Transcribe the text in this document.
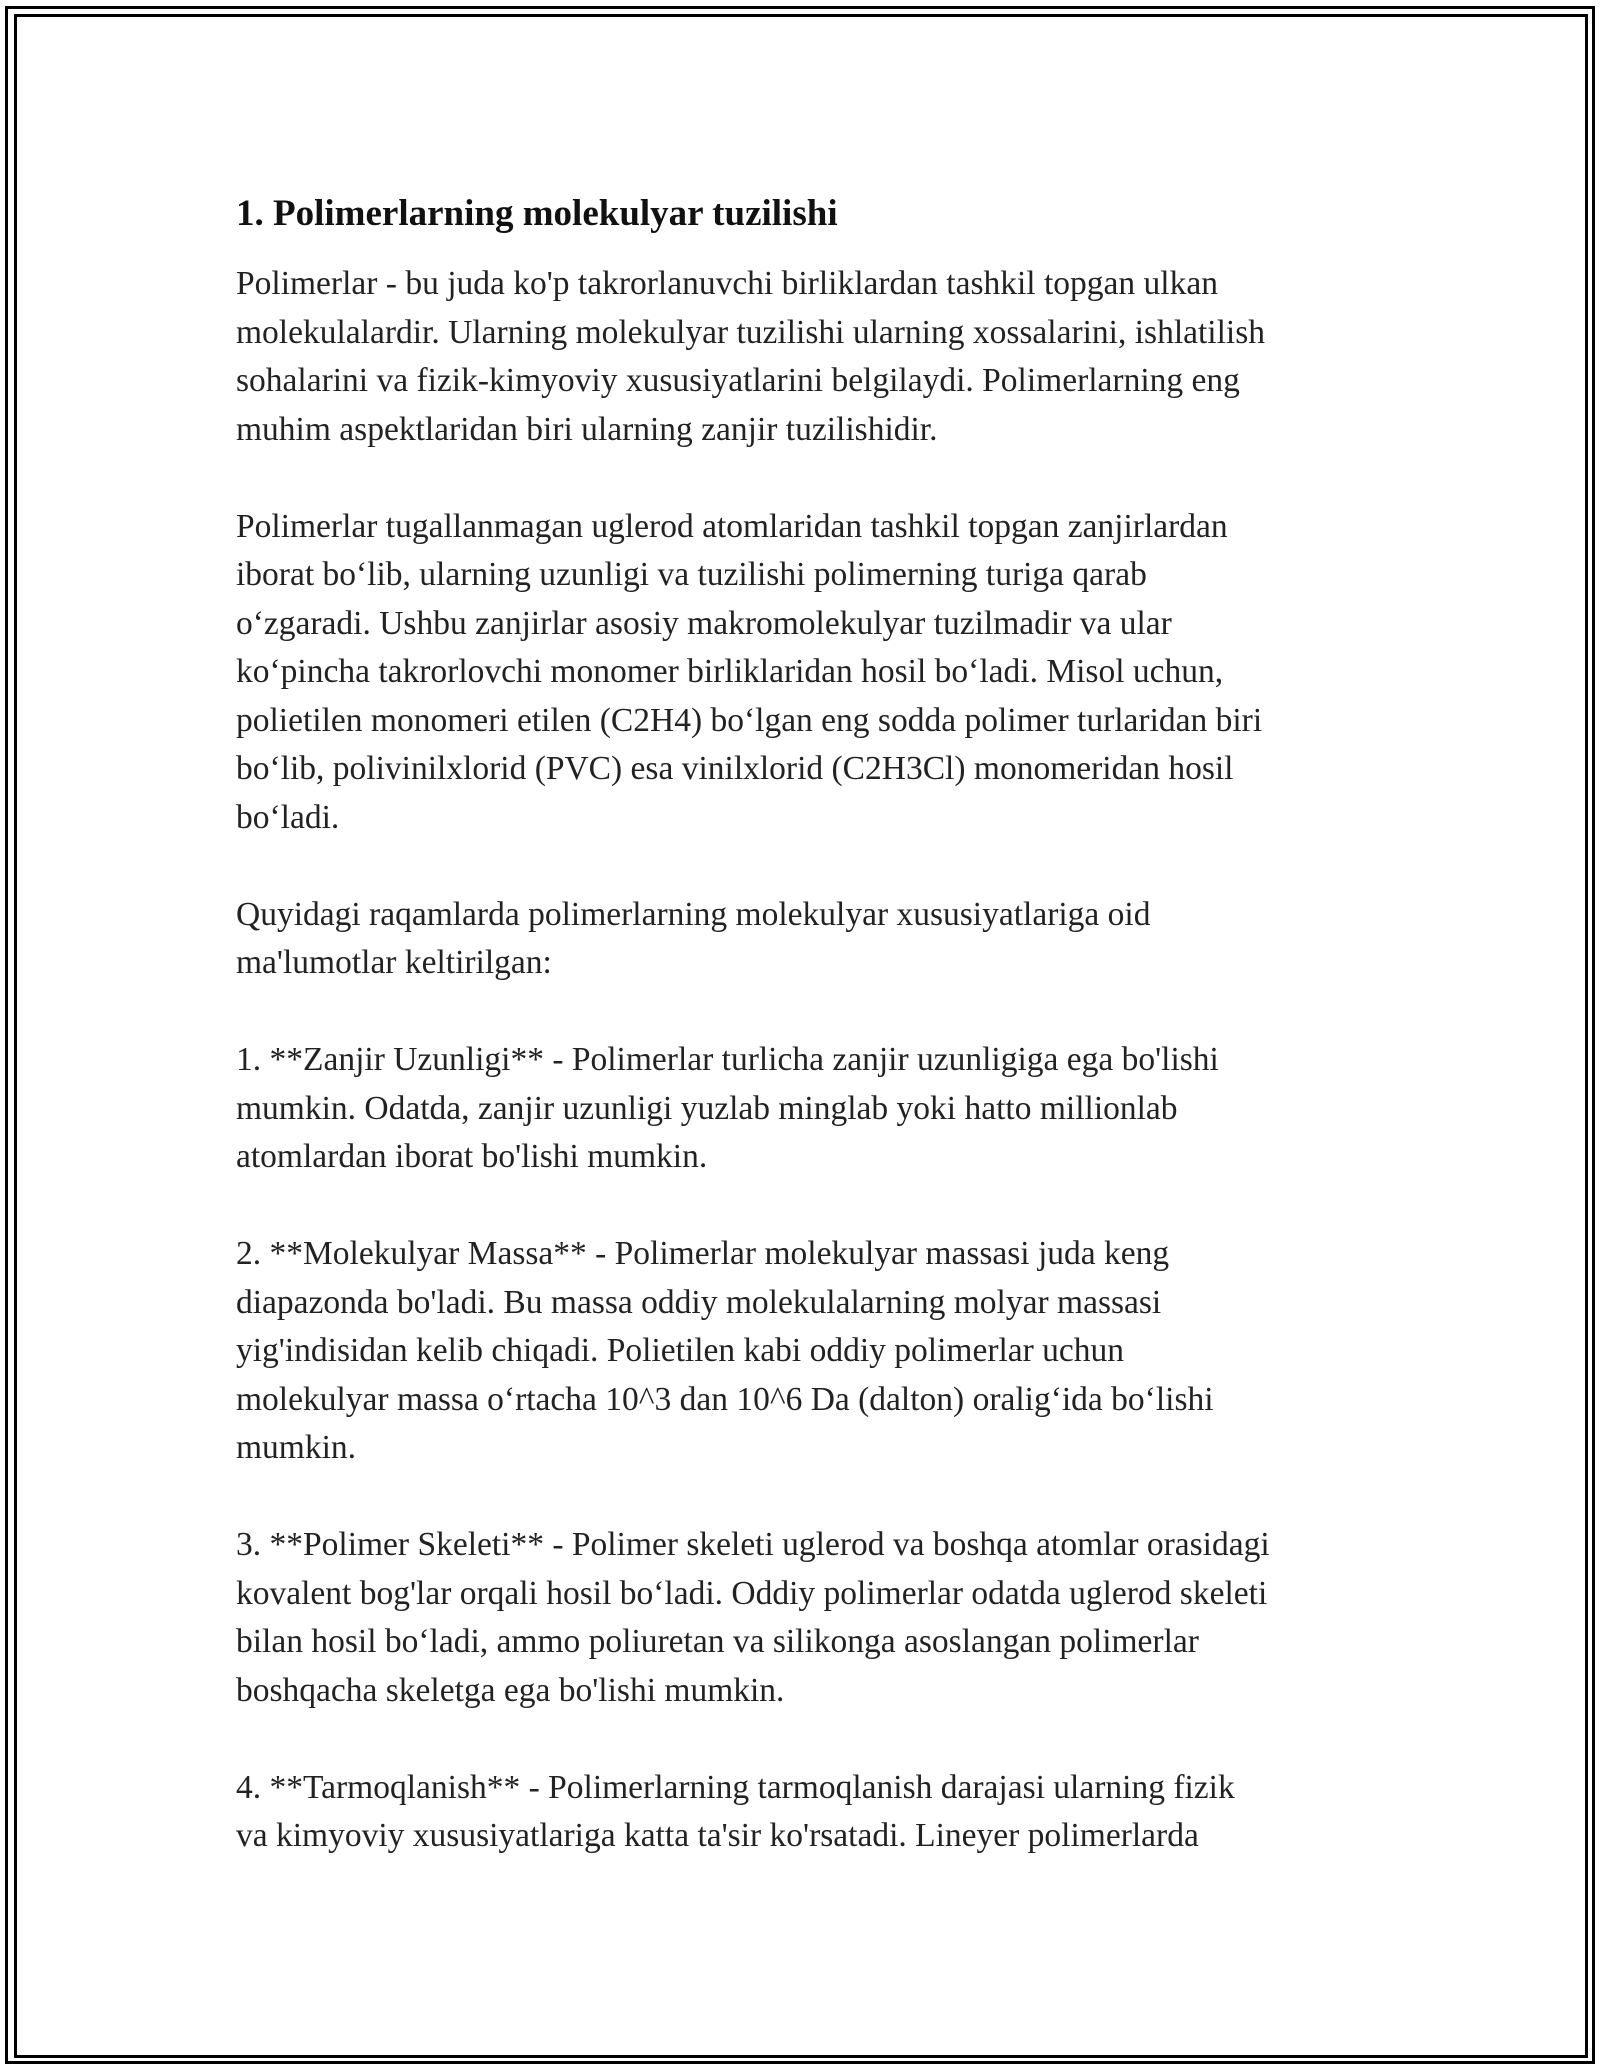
1. Polimerlarning molekulyar tuzilishi

Polimerlar - bu juda ko'p takrorlanuvchi birliklardan tashkil topgan ulkan
molekulalardir. Ularning molekulyar tuzilishi ularning xossalarini, ishlatilish
sohalarini va fizik-kimyoviy xususiyatlarini belgilaydi. Polimerlarning eng
muhim aspektlaridan biri ularning zanjir tuzilishidir.

Polimerlar tugallanmagan uglerod atomlaridan tashkil topgan zanjirlardan
iborat bo‘lib, ularning uzunligi va tuzilishi polimerning turiga qarab
o‘zgaradi. Ushbu zanjirlar asosiy makromolekulyar tuzilmadir va ular
ko‘pincha takrorlovchi monomer birliklaridan hosil bo‘ladi. Misol uchun,
polietilen monomeri etilen (C2H4) bo‘lgan eng sodda polimer turlaridan biri
bo‘lib, polivinilxlorid (PVC) esa vinilxlorid (C2H3Cl) monomeridan hosil
bo‘ladi.

Quyidagi raqamlarda polimerlarning molekulyar xususiyatlariga oid
ma'lumotlar keltirilgan:

1. **Zanjir Uzunligi** - Polimerlar turlicha zanjir uzunligiga ega bo'lishi
mumkin. Odatda, zanjir uzunligi yuzlab minglab yoki hatto millionlab
atomlardan iborat bo'lishi mumkin.

2. **Molekulyar Massa** - Polimerlar molekulyar massasi juda keng
diapazonda bo'ladi. Bu massa oddiy molekulalarning molyar massasi
yig'indisidan kelib chiqadi. Polietilen kabi oddiy polimerlar uchun
molekulyar massa o‘rtacha 10^3 dan 10^6 Da (dalton) oralig‘ida bo‘lishi
mumkin.

3. **Polimer Skeleti** - Polimer skeleti uglerod va boshqa atomlar orasidagi
kovalent bog'lar orqali hosil bo‘ladi. Oddiy polimerlar odatda uglerod skeleti
bilan hosil bo‘ladi, ammo poliuretan va silikonga asoslangan polimerlar
boshqacha skeletga ega bo'lishi mumkin.

4. **Tarmoqlanish** - Polimerlarning tarmoqlanish darajasi ularning fizik
va kimyoviy xususiyatlariga katta ta'sir ko'rsatadi. Lineyer polimerlarda
